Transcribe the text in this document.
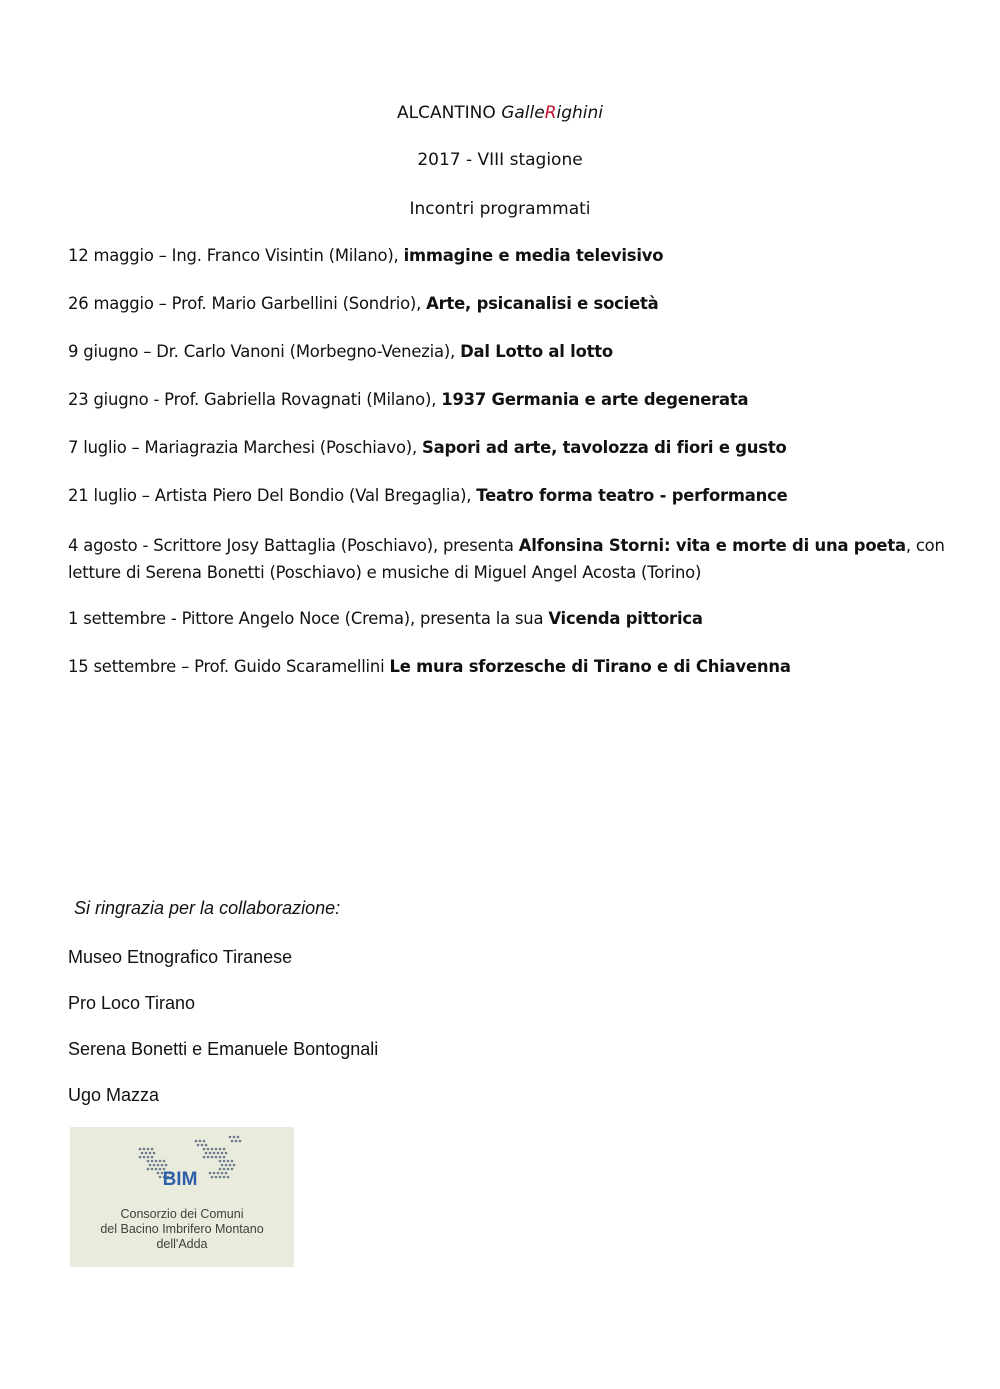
ALCANTINO GalleRighini
2017 - VIII stagione
Incontri programmati
12 maggio – Ing. Franco Visintin (Milano), immagine e media televisivo
26 maggio – Prof. Mario Garbellini (Sondrio), Arte, psicanalisi e società
9 giugno – Dr. Carlo Vanoni (Morbegno-Venezia), Dal Lotto al lotto
23 giugno - Prof. Gabriella Rovagnati (Milano), 1937 Germania e arte degenerata
7 luglio – Mariagrazia Marchesi (Poschiavo), Sapori ad arte, tavolozza di fiori e gusto
21 luglio – Artista Piero Del Bondio (Val Bregaglia), Teatro forma teatro - performance
4 agosto - Scrittore Josy Battaglia (Poschiavo), presenta Alfonsina Storni: vita e morte di una poeta, con letture di Serena Bonetti (Poschiavo) e musiche di Miguel Angel Acosta (Torino)
1 settembre - Pittore Angelo Noce (Crema), presenta la sua Vicenda pittorica
15 settembre – Prof. Guido Scaramellini Le mura sforzesche di Tirano e di Chiavenna
Si ringrazia per la collaborazione:
Museo Etnografico Tiranese
Pro Loco Tirano
Serena Bonetti e Emanuele Bontognali
Ugo Mazza
BIM
Consorzio dei Comuni
del Bacino Imbrifero Montano
dell'Adda
